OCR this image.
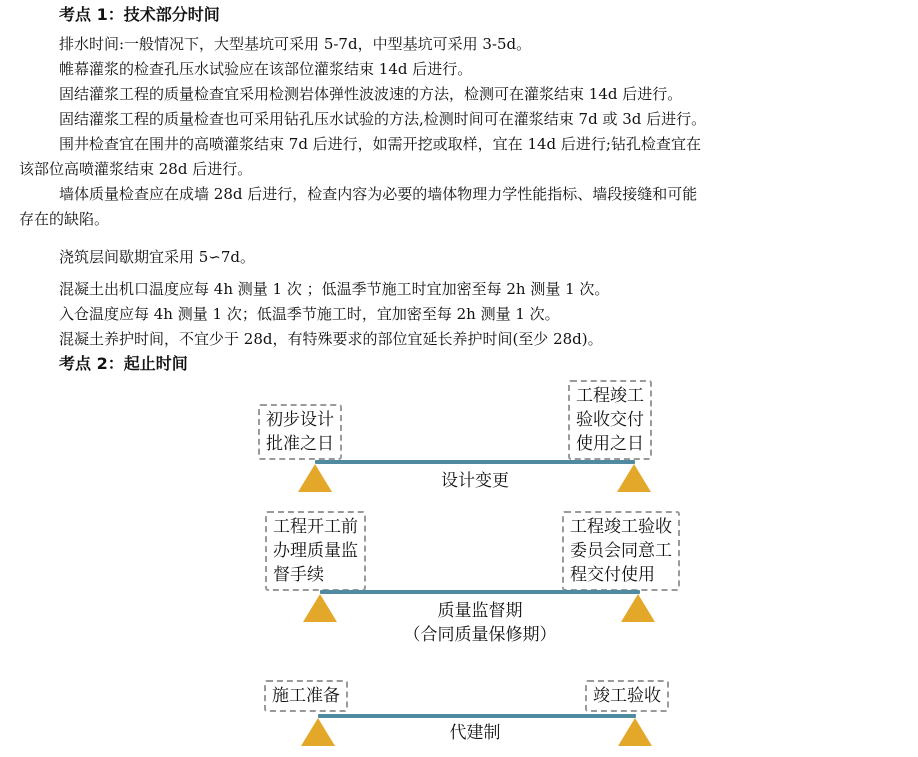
考点 1：技术部分时间
排水时间:一般情况下，大型基坑可采用 5-7d，中型基坑可采用 3-5d。
帷幕灌浆的检查孔压水试验应在该部位灌浆结束 14d 后进行。
固结灌浆工程的质量检查宜采用检测岩体弹性波波速的方法，检测可在灌浆结束 14d 后进行。
固结灌浆工程的质量检查也可采用钻孔压水试验的方法,检测时间可在灌浆结束 7d 或 3d 后进行。
围井检查宜在围井的高喷灌浆结束 7d 后进行，如需开挖或取样，宜在 14d 后进行;钻孔检查宜在
该部位高喷灌浆结束 28d 后进行。
墙体质量检查应在成墙 28d 后进行，检查内容为必要的墙体物理力学性能指标、墙段接缝和可能
存在的缺陷。
浇筑层间歇期宜采用 5∽7d。
混凝土出机口温度应每 4h 测量 1 次 ；低温季节施工时宜加密至每 2h 测量 1 次。
入仓温度应每 4h 测量 1 次；低温季节施工时，宜加密至每 2h 测量 1 次。
混凝土养护时间，不宜少于 28d，有特殊要求的部位宜延长养护时间(至少 28d)。
考点 2：起止时间
初步设计
批准之日
工程竣工
验收交付
使用之日
设计变更
工程开工前
办理质量监
督手续
工程竣工验收
委员会同意工
程交付使用
质量监督期
（合同质量保修期）
施工准备	竣工验收
代建制
